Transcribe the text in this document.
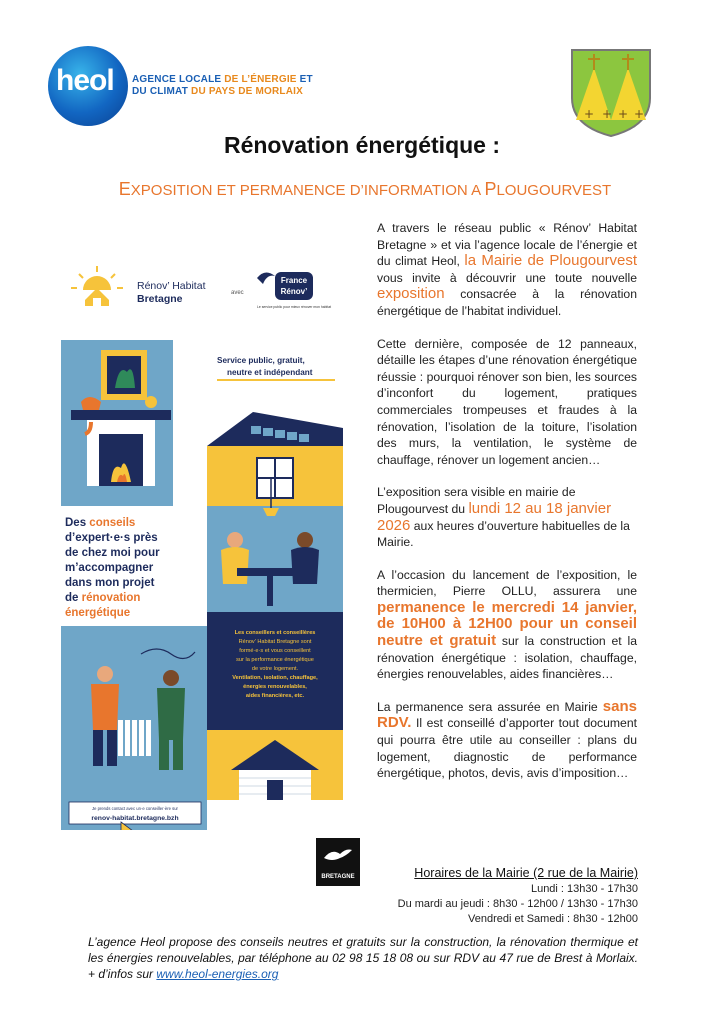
heol AGENCE LOCALE DE L’ÉNERGIE ET
DU CLIMAT DU PAYS DE MORLAIX
+ + + +
Rénovation énergétique :
EXPOSITION ET PERMANENCE D’INFORMATION A PLOUGOURVEST
Rénov’ Habitat
Bretagne	avec
France
Rénov’
Le service public pour mieux rénover mon habitat
Service public, gratuit,
neutre et indépendant
Des conseils
d’expert·e·s près
de chez moi pour
m’accompagner
dans mon projet
de rénovation
énergétique
Les conseillers et conseillères
Rénov’ Habitat Bretagne sont
formé·e·s et vous conseillent
sur la performance énergétique
de votre logement.
Ventilation, isolation, chauffage,
énergies renouvelables,
aides financières, etc.
Je prends contact avec un·e conseiller·ère sur
renov-habitat.bretagne.bzh
BRETAGNE

A travers le réseau public « Rénov’ Habitat Bretagne » et via l’agence locale de l’énergie et du climat Heol, la Mairie de Plougourvest vous invite à découvrir une toute nouvelle exposition consacrée à la rénovation énergétique de l’habitat individuel.

Cette dernière, composée de 12 panneaux, détaille les étapes d’une rénovation énergétique réussie : pourquoi rénover son bien, les sources d’inconfort du logement, pratiques commerciales trompeuses et fraudes à la rénovation, l’isolation de la toiture, l’isolation des murs, la ventilation, le système de chauffage, rénover un logement ancien…

L’exposition sera visible en mairie de Plougourvest du lundi 12 au 18 janvier 2026 aux heures d’ouverture habituelles de la Mairie.

A l’occasion du lancement de l’exposition, le thermicien, Pierre OLLU, assurera une permanence le mercredi 14 janvier, de 10H00 à 12H00 pour un conseil neutre et gratuit sur la construction et la rénovation énergétique : isolation, chauffage, énergies renouvelables, aides financières…

La permanence sera assurée en Mairie sans RDV. Il est conseillé d’apporter tout document qui pourra être utile au conseiller : plans du logement, diagnostic de performance énergétique, photos, devis, avis d’imposition…

Horaires de la Mairie (2 rue de la Mairie)
Lundi : 13h30 - 17h30
Du mardi au jeudi : 8h30 - 12h00 / 13h30 - 17h30
Vendredi et Samedi : 8h30 - 12h00
L’agence Heol propose des conseils neutres et gratuits sur la construction, la rénovation thermique et les énergies renouvelables, par téléphone au 02 98 15 18 08 ou sur RDV au 47 rue de Brest à Morlaix. + d’infos sur www.heol-energies.org
